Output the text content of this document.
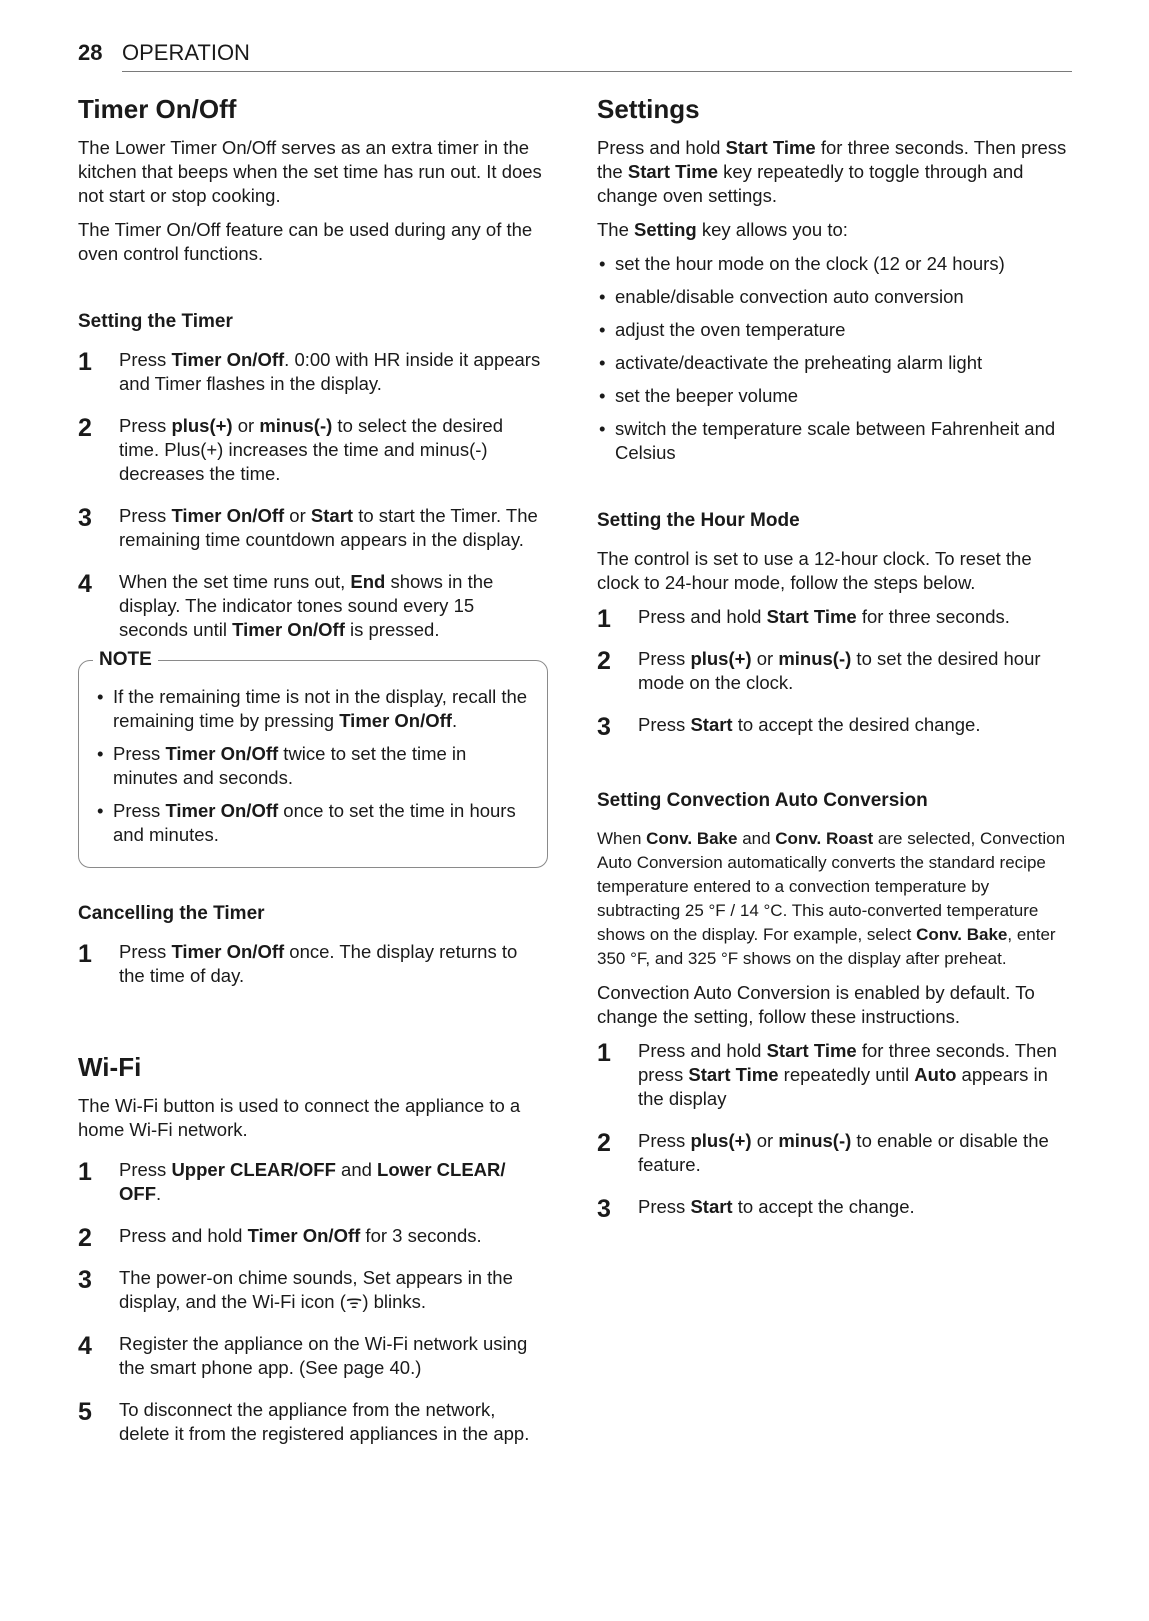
28 OPERATION
Timer On/Off

The Lower Timer On/Off serves as an extra timer in the kitchen that beeps when the set time has run out. It does not start or stop cooking.

The Timer On/Off feature can be used during any of the oven control functions.

Setting the Timer
1 Press Timer On/Off. 0:00 with HR inside it appears and Timer flashes in the display.
2 Press plus(+) or minus(-) to select the desired time. Plus(+) increases the time and minus(-) decreases the time.
3 Press Timer On/Off or Start to start the Timer. The remaining time countdown appears in the display.
4 When the set time runs out, End shows in the display. The indicator tones sound every 15 seconds until Timer On/Off is pressed.
NOTE
• If the remaining time is not in the display, recall the remaining time by pressing Timer On/Off.
• Press Timer On/Off twice to set the time in minutes and seconds.
• Press Timer On/Off once to set the time in hours and minutes.
Cancelling the Timer
1 Press Timer On/Off once. The display returns to the time of day.
Wi-Fi

The Wi-Fi button is used to connect the appliance to a home Wi-Fi network.

1 Press Upper CLEAR/OFF and Lower CLEAR/ OFF.
2 Press and hold Timer On/Off for 3 seconds.
3 The power-on chime sounds, Set appears in the display, and the Wi-Fi icon (ᯤ) blinks.
4 Register the appliance on the Wi-Fi network using the smart phone app. (See page 40.)
5 To disconnect the appliance from the network, delete it from the registered appliances in the app.
Settings

Press and hold Start Time for three seconds. Then press the Start Time key repeatedly to toggle through and change oven settings.

The Setting key allows you to:

• set the hour mode on the clock (12 or 24 hours)
• enable/disable convection auto conversion
• adjust the oven temperature
• activate/deactivate the preheating alarm light
• set the beeper volume
• switch the temperature scale between Fahrenheit and Celsius
Setting the Hour Mode

The control is set to use a 12-hour clock. To reset the clock to 24-hour mode, follow the steps below.

1 Press and hold Start Time for three seconds.
2 Press plus(+) or minus(-) to set the desired hour mode on the clock.
3 Press Start to accept the desired change.
Setting Convection Auto Conversion

When Conv. Bake and Conv. Roast are selected, Convection Auto Conversion automatically converts the standard recipe temperature entered to a convection temperature by subtracting 25 °F / 14 °C. This auto-converted temperature shows on the display. For example, select Conv. Bake, enter 350 °F, and 325 °F shows on the display after preheat.

Convection Auto Conversion is enabled by default. To change the setting, follow these instructions.

1 Press and hold Start Time for three seconds. Then press Start Time repeatedly until Auto appears in the display
2 Press plus(+) or minus(-) to enable or disable the feature.
3 Press Start to accept the change.
